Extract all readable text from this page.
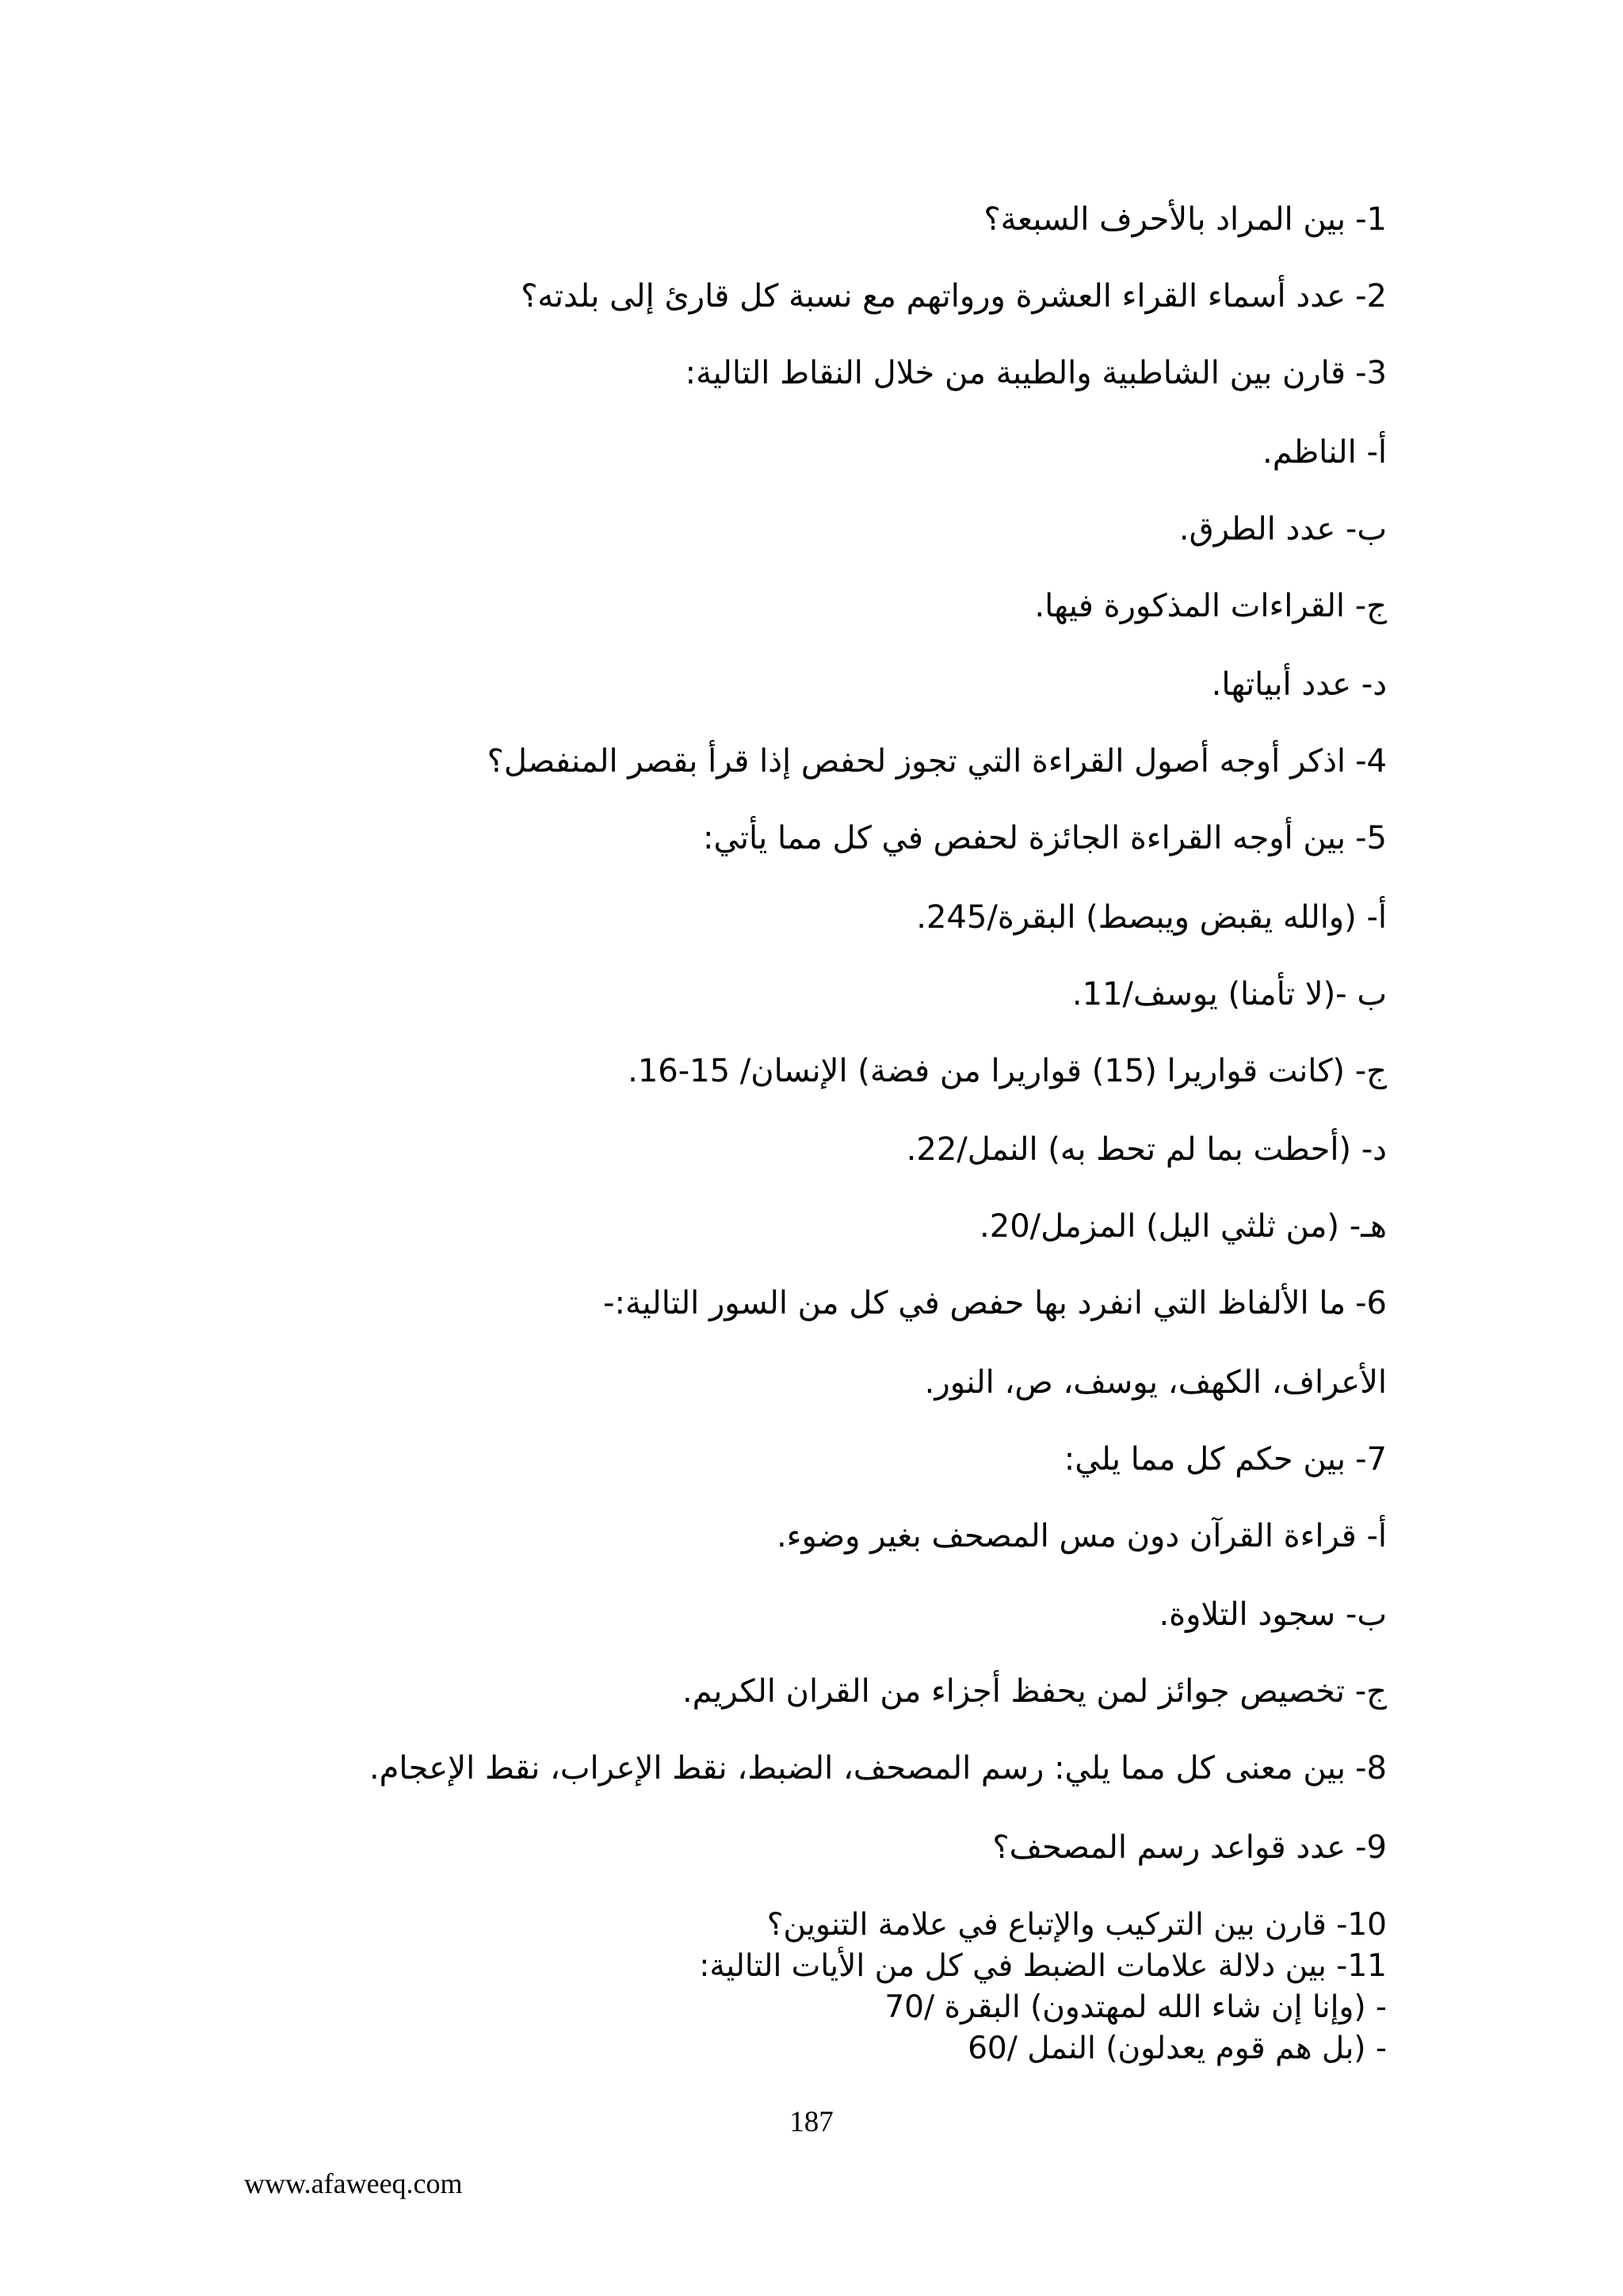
1-بين المراد بالأحرف السبعة؟
2-عدد أسماء القراء العشرة ورواتهم مع نسبة كل قارئ إلى بلدته؟
3-قارن بين الشاطبية والطيبة من خلال النقاط التالية:
أ- الناظم.
ب- عدد الطرق.
ج- القراءات المذكورة فيها.
د- عدد أبياتها.
4-اذكر أوجه أصول القراءة التي تجوز لحفص إذا قرأ بقصر المنفصل؟
5-بين أوجه القراءة الجائزة لحفص في كل مما يأتي:
أ- (والله يقبض ويبصط) البقرة/245.
ب -(لا تأمنا) يوسف/11.
ج- (كانت قواريرا (15) قواريرا من فضة) الإنسان/ 15-16.
د- (أحطت بما لم تحط به) النمل/22.
هـ- (من ثلثي اليل) المزمل/20.
6-ما الألفاظ التي انفرد بها حفص في كل من السور التالية:-
الأعراف، الكهف، يوسف، ص، النور.
7-بين حكم كل مما يلي:
أ- قراءة القرآن دون مس المصحف بغير وضوء.
ب- سجود التلاوة.
ج- تخصيص جوائز لمن يحفظ أجزاء من القران الكريم.
8-بين معنى كل مما يلي: رسم المصحف، الضبط، نقط الإعراب، نقط الإعجام.
9-عدد قواعد رسم المصحف؟
10- قارن بين التركيب والإتباع في علامة التنوين؟
11- بين دلالة علامات الضبط في كل من الأيات التالية:
- (وإنا إن شاء الله لمهتدون) البقرة /70
- (بل هم قوم يعدلون) النمل /60
187
www.afaweeq.com
